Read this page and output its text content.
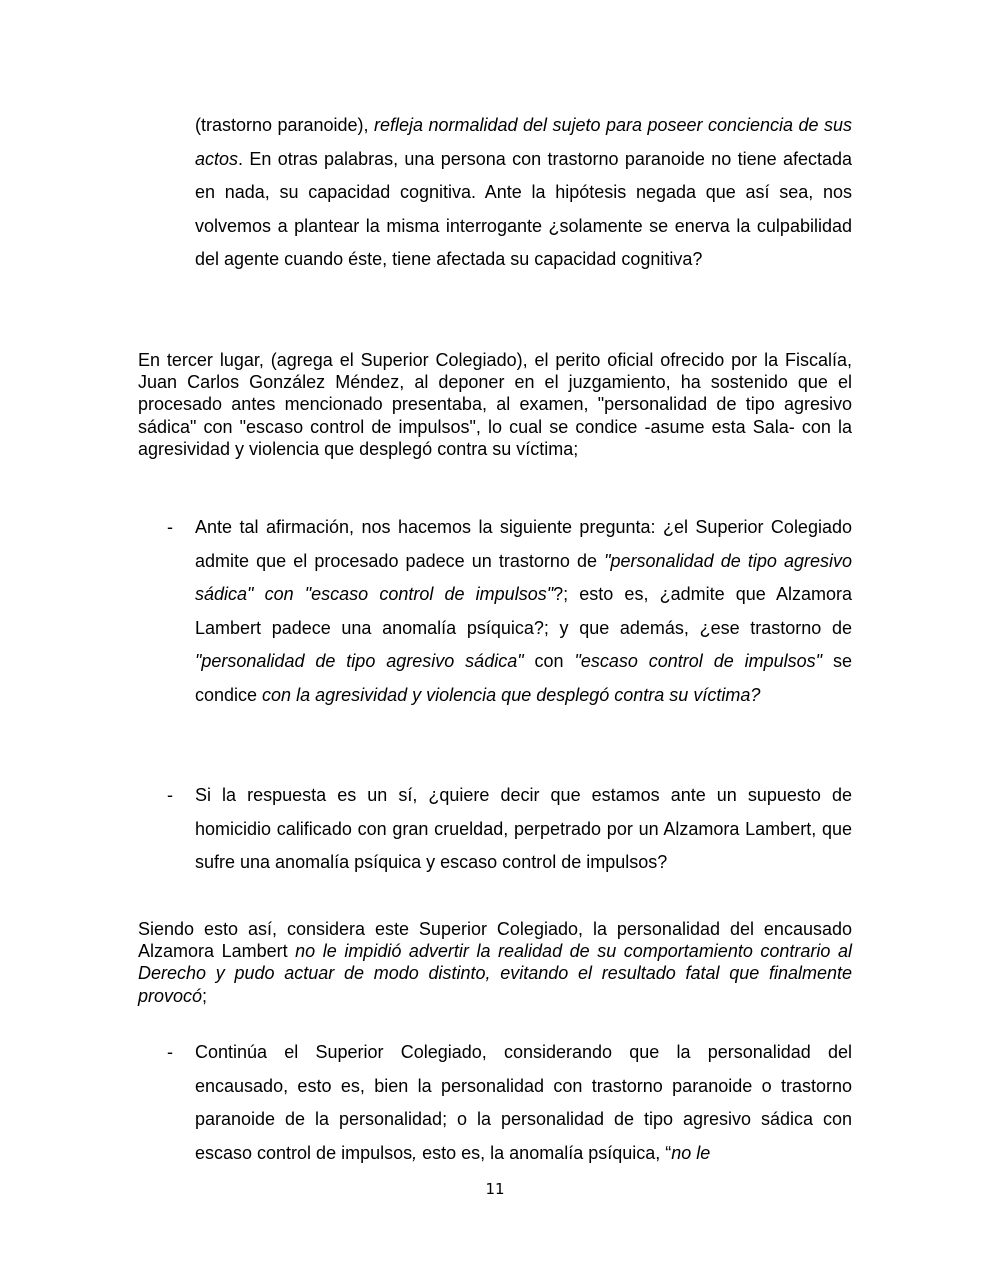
(trastorno paranoide), refleja normalidad del sujeto para poseer conciencia de sus actos. En otras palabras, una persona con trastorno paranoide no tiene afectada en nada, su capacidad cognitiva. Ante la hipótesis negada que así sea, nos volvemos a plantear la misma interrogante ¿solamente se enerva la culpabilidad del agente cuando éste, tiene afectada su capacidad cognitiva?

En tercer lugar, (agrega el Superior Colegiado), el perito oficial ofrecido por la Fiscalía, Juan Carlos González Méndez, al deponer en el juzgamiento, ha sostenido que el procesado antes mencionado presentaba, al examen, "personalidad de tipo agresivo sádica" con "escaso control de impulsos", lo cual se condice -asume esta Sala- con la agresividad y violencia que desplegó contra su víctima;

- Ante tal afirmación, nos hacemos la siguiente pregunta: ¿el Superior Colegiado admite que el procesado padece un trastorno de "personalidad de tipo agresivo sádica" con "escaso control de impulsos"?; esto es, ¿admite que Alzamora Lambert padece una anomalía psíquica?; y que además, ¿ese trastorno de "personalidad de tipo agresivo sádica" con "escaso control de impulsos" se condice con la agresividad y violencia que desplegó contra su víctima?

- Si la respuesta es un sí, ¿quiere decir que estamos ante un supuesto de homicidio calificado con gran crueldad, perpetrado por un Alzamora Lambert, que sufre una anomalía psíquica y escaso control de impulsos?

Siendo esto así, considera este Superior Colegiado, la personalidad del encausado Alzamora Lambert no le impidió advertir la realidad de su comportamiento contrario al Derecho y pudo actuar de modo distinto, evitando el resultado fatal que finalmente provocó;

- Continúa el Superior Colegiado, considerando que la personalidad del encausado, esto es, bien la personalidad con trastorno paranoide o trastorno paranoide de la personalidad; o la personalidad de tipo agresivo sádica con escaso control de impulsos, esto es, la anomalía psíquica, “no le

11
